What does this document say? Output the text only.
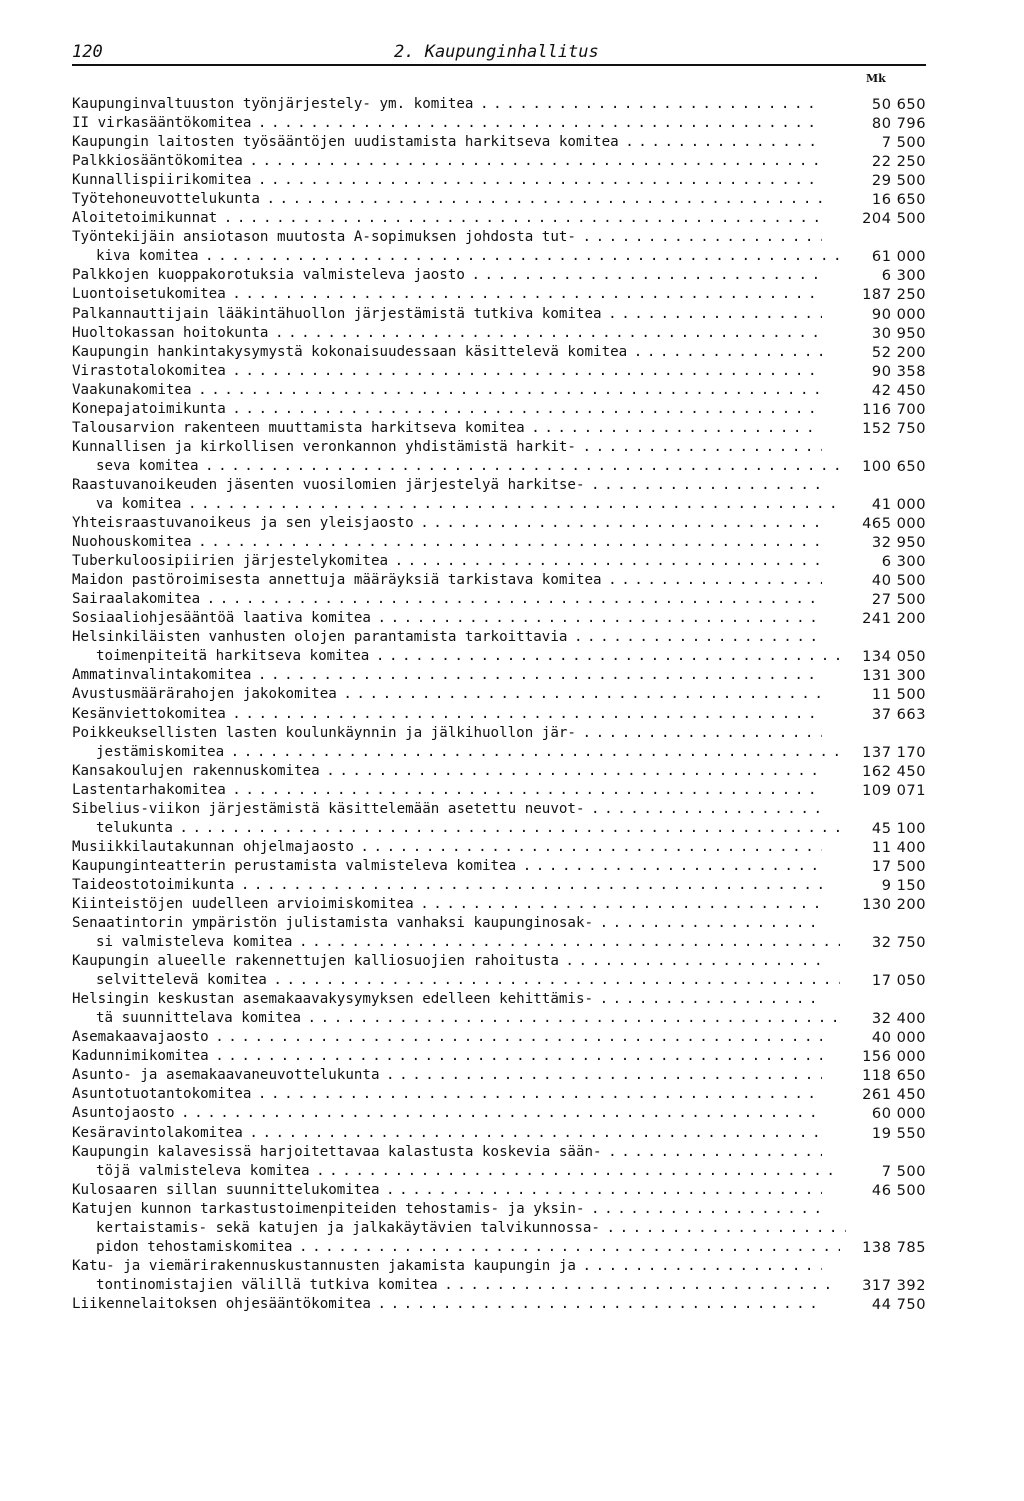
120	2. Kaupunginhallitus
Mk
Kaupunginvaltuuston työnjärjestely- ym. komitea . . .	50 650
II virkasääntökomitea . . .	80 796
Kaupungin laitosten työsääntöjen uudistamista harkitseva komitea . . .	7 500
Palkkiosääntökomitea . . .	22 250
Kunnallispiirikomitea . . .	29 500
Työtehoneuvottelukunta . . .	16 650
Aloitetoimikunnat . . .	204 500
Työntekijäin ansiotason muutosta A-sopimuksen johdosta tut- . . .
kiva komitea . . .	61 000
Palkkojen kuoppakorotuksia valmisteleva jaosto . . .	6 300
Luontoisetukomitea . . .	187 250
Palkannauttijain lääkintähuollon järjestämistä tutkiva komitea . . .	90 000
Huoltokassan hoitokunta . . .	30 950
Kaupungin hankintakysymystä kokonaisuudessaan käsittelevä komitea . . .	52 200
Virastotalokomitea . . .	90 358
Vaakunakomitea . . .	42 450
Konepajatoimikunta . . .	116 700
Talousarvion rakenteen muuttamista harkitseva komitea . . .	152 750
Kunnallisen ja kirkollisen veronkannon yhdistämistä harkit- . . .
seva komitea . . .	100 650
Raastuvanoikeuden jäsenten vuosilomien järjestelyä harkitse- . . .
va komitea . . .	41 000
Yhteisraastuvanoikeus ja sen yleisjaosto . . .	465 000
Nuohouskomitea . . .	32 950
Tuberkuloosipiirien järjestelykomitea . . .	6 300
Maidon pastöroimisesta annettuja määräyksiä tarkistava komitea . . .	40 500
Sairaalakomitea . . .	27 500
Sosiaaliohjesääntöä laativa komitea . . .	241 200
Helsinkiläisten vanhusten olojen parantamista tarkoittavia . . .
toimenpiteitä harkitseva komitea . . .	134 050
Ammatinvalintakomitea . . .	131 300
Avustusmäärärahojen jakokomitea . . .	11 500
Kesänviettokomitea . . .	37 663
Poikkeuksellisten lasten koulunkäynnin ja jälkihuollon jär- . . .
jestämiskomitea . . .	137 170
Kansakoulujen rakennuskomitea . . .	162 450
Lastentarhakomitea . . .	109 071
Sibelius-viikon järjestämistä käsittelemään asetettu neuvot- . . .
telukunta . . .	45 100
Musiikkilautakunnan ohjelmajaosto . . .	11 400
Kaupunginteatterin perustamista valmisteleva komitea . . .	17 500
Taideostotoimikunta . . .	9 150
Kiinteistöjen uudelleen arvioimiskomitea . . .	130 200
Senaatintorin ympäristön julistamista vanhaksi kaupunginosak- . . .
si valmisteleva komitea . . .	32 750
Kaupungin alueelle rakennettujen kalliosuojien rahoitusta . . .
selvittelevä komitea . . .	17 050
Helsingin keskustan asemakaavakysymyksen edelleen kehittämis- . . .
tä suunnittelava komitea . . .	32 400
Asemakaavajaosto . . .	40 000
Kadunnimikomitea . . .	156 000
Asunto- ja asemakaavaneuvottelukunta . . .	118 650
Asuntotuotantokomitea . . .	261 450
Asuntojaosto . . .	60 000
Kesäravintolakomitea . . .	19 550
Kaupungin kalavesissä harjoitettavaa kalastusta koskevia sään- . . .
töjä valmisteleva komitea . . .	7 500
Kulosaaren sillan suunnittelukomitea . . .	46 500
Katujen kunnon tarkastustoimenpiteiden tehostamis- ja yksin- . . .
kertaistamis- sekä katujen ja jalkakäytävien talvikunnossa- . . .
pidon tehostamiskomitea . . .	138 785
Katu- ja viemärirakennuskustannusten jakamista kaupungin ja . . .
tontinomistajien välillä tutkiva komitea . . .	317 392
Liikennelaitoksen ohjesääntökomitea . . .	44 750
